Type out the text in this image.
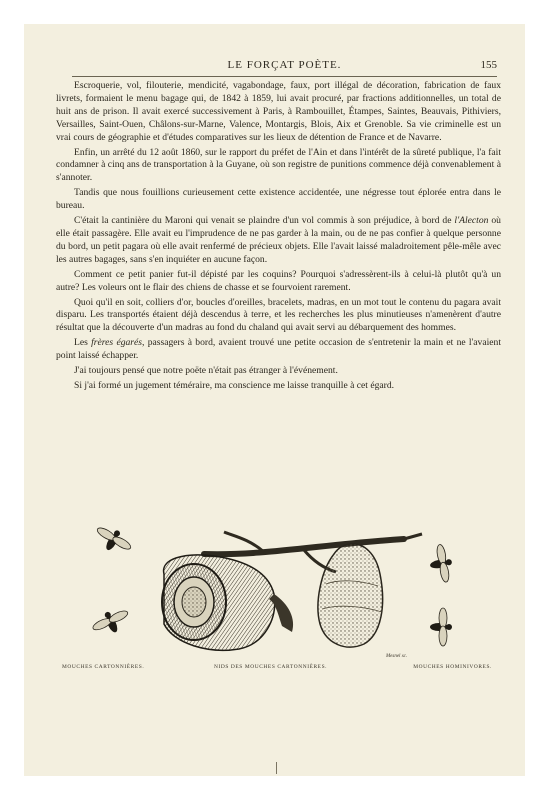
LE FORÇAT POÈTE.	155

Escroquerie, vol, filouterie, mendicité, vagabondage, faux, port illégal de décoration, fabrication de faux livrets, formaient le menu bagage qui, de 1842 à 1859, lui avait procuré, par fractions additionnelles, un total de huit ans de prison. Il avait exercé successivement à Paris, à Rambouillet, Étampes, Saintes, Beauvais, Pithiviers, Versailles, Saint-Ouen, Châlons-sur-Marne, Valence, Montargis, Blois, Aix et Grenoble. Sa vie criminelle est un vrai cours de géographie et d'études comparatives sur les lieux de détention de France et de Navarre.

Enfin, un arrêté du 12 août 1860, sur le rapport du préfet de l'Ain et dans l'intérêt de la sûreté publique, l'a fait condamner à cinq ans de transportation à la Guyane, où son registre de punitions commence déjà convenablement à s'annoter.

Tandis que nous fouillions curieusement cette existence accidentée, une négresse tout éplorée entra dans le bureau.

C'était la cantinière du Maroni qui venait se plaindre d'un vol commis à son préjudice, à bord de l'Alecton où elle était passagère. Elle avait eu l'imprudence de ne pas garder à la main, ou de ne pas confier à quelque personne du bord, un petit pagara où elle avait renfermé de précieux objets. Elle l'avait laissé maladroitement pêle-mêle avec les autres bagages, sans s'en inquiéter en aucune façon.

Comment ce petit panier fut-il dépisté par les coquins? Pourquoi s'adressèrent-ils à celui-là plutôt qu'à un autre? Les voleurs ont le flair des chiens de chasse et se fourvoient rarement.

Quoi qu'il en soit, colliers d'or, boucles d'oreilles, bracelets, madras, en un mot tout le contenu du pagara avait disparu. Les transportés étaient déjà descendus à terre, et les recherches les plus minutieuses n'amenèrent d'autre résultat que la découverte d'un madras au fond du chaland qui avait servi au débarquement des hommes.

Les frères égarés, passagers à bord, avaient trouvé une petite occasion de s'entretenir la main et ne l'avaient point laissé échapper.

J'ai toujours pensé que notre poëte n'était pas étranger à l'événement.

Si j'ai formé un jugement téméraire, ma conscience me laisse tranquille à cet égard.

Mesnel sc.
MOUCHES CARTONNIÈRES.	NIDS DES MOUCHES CARTONNIÈRES.	MOUCHES HOMINIVORES.
